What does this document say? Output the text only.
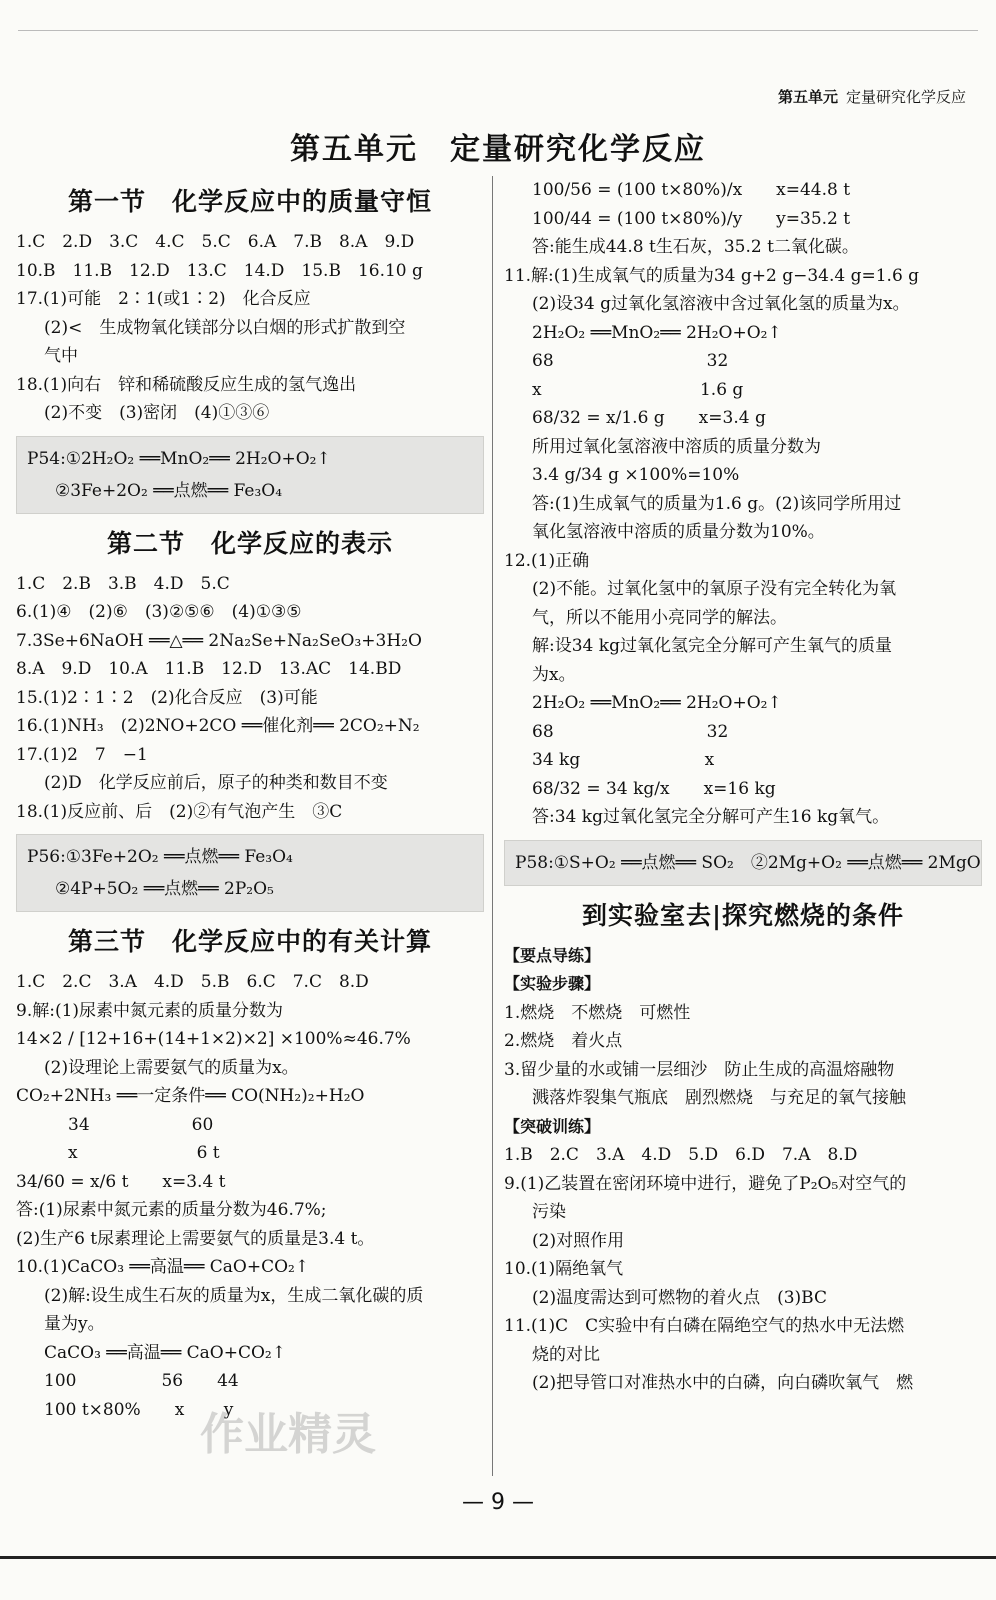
第五单元 定量研究化学反应
第五单元　定量研究化学反应
第一节　化学反应中的质量守恒
1.C　2.D　3.C　4.C　5.C　6.A　7.B　8.A　9.D
10.B　11.B　12.D　13.C　14.D　15.B　16.10 g
17.(1)可能　2∶1(或1∶2)　化合反应
(2)<　生成物氧化镁部分以白烟的形式扩散到空
气中
18.(1)向右　锌和稀硫酸反应生成的氢气逸出
(2)不变　(3)密闭　(4)①③⑥
P54:①2H₂O₂ ══MnO₂══ 2H₂O+O₂↑
②3Fe+2O₂ ══点燃══ Fe₃O₄
第二节　化学反应的表示
1.C　2.B　3.B　4.D　5.C
6.(1)④　(2)⑥　(3)②⑤⑥　(4)①③⑤
7.3Se+6NaOH ══△══ 2Na₂Se+Na₂SeO₃+3H₂O
8.A　9.D　10.A　11.B　12.D　13.AC　14.BD
15.(1)2∶1∶2　(2)化合反应　(3)可能
16.(1)NH₃　(2)2NO+2CO ══催化剂══ 2CO₂+N₂
17.(1)2　7　−1
(2)D　化学反应前后，原子的种类和数目不变
18.(1)反应前、后　(2)②有气泡产生　③C
P56:①3Fe+2O₂ ══点燃══ Fe₃O₄
②4P+5O₂ ══点燃══ 2P₂O₅
第三节　化学反应中的有关计算
1.C　2.C　3.A　4.D　5.B　6.C　7.C　8.D
9.解:(1)尿素中氮元素的质量分数为
14×2 / [12+16+(14+1×2)×2] ×100%≈46.7%
(2)设理论上需要氨气的质量为x。
CO₂+2NH₃ ══一定条件══ CO(NH₂)₂+H₂O
34　　　　　　60
x　　　　　　　6 t
34/60 = x/6 t　　x=3.4 t
答:(1)尿素中氮元素的质量分数为46.7%;
(2)生产6 t尿素理论上需要氨气的质量是3.4 t。
10.(1)CaCO₃ ══高温══ CaO+CO₂↑
(2)解:设生成生石灰的质量为x，生成二氧化碳的质
量为y。
CaCO₃ ══高温══ CaO+CO₂↑
100　　　　　56　　44
100 t×80%　　x　　 y
100/56 = (100 t×80%)/x　　x=44.8 t
100/44 = (100 t×80%)/y　　y=35.2 t
答:能生成44.8 t生石灰，35.2 t二氧化碳。
11.解:(1)生成氧气的质量为34 g+2 g−34.4 g=1.6 g
(2)设34 g过氧化氢溶液中含过氧化氢的质量为x。
2H₂O₂ ══MnO₂══ 2H₂O+O₂↑
68　　　　　　　　　32
x　　　　　　　　　 1.6 g
68/32 = x/1.6 g　　x=3.4 g
所用过氧化氢溶液中溶质的质量分数为
3.4 g/34 g ×100%=10%
答:(1)生成氧气的质量为1.6 g。(2)该同学所用过
氧化氢溶液中溶质的质量分数为10%。
12.(1)正确
(2)不能。过氧化氢中的氧原子没有完全转化为氧
气，所以不能用小亮同学的解法。
解:设34 kg过氧化氢完全分解可产生氧气的质量
为x。
2H₂O₂ ══MnO₂══ 2H₂O+O₂↑
68　　　　　　　　　32
34 kg　　　　　　　 x
68/32 = 34 kg/x　　x=16 kg
答:34 kg过氧化氢完全分解可产生16 kg氧气。
P58:①S+O₂ ══点燃══ SO₂　②2Mg+O₂ ══点燃══ 2MgO
到实验室去|探究燃烧的条件
【要点导练】
【实验步骤】
1.燃烧　不燃烧　可燃性
2.燃烧　着火点
3.留少量的水或铺一层细沙　防止生成的高温熔融物
溅落炸裂集气瓶底　剧烈燃烧　与充足的氧气接触
【突破训练】
1.B　2.C　3.A　4.D　5.D　6.D　7.A　8.D
9.(1)乙装置在密闭环境中进行，避免了P₂O₅对空气的
污染
(2)对照作用
10.(1)隔绝氧气
(2)温度需达到可燃物的着火点　(3)BC
11.(1)C　C实验中有白磷在隔绝空气的热水中无法燃
烧的对比
(2)把导管口对准热水中的白磷，向白磷吹氧气　燃
作业精灵
— 9 —
